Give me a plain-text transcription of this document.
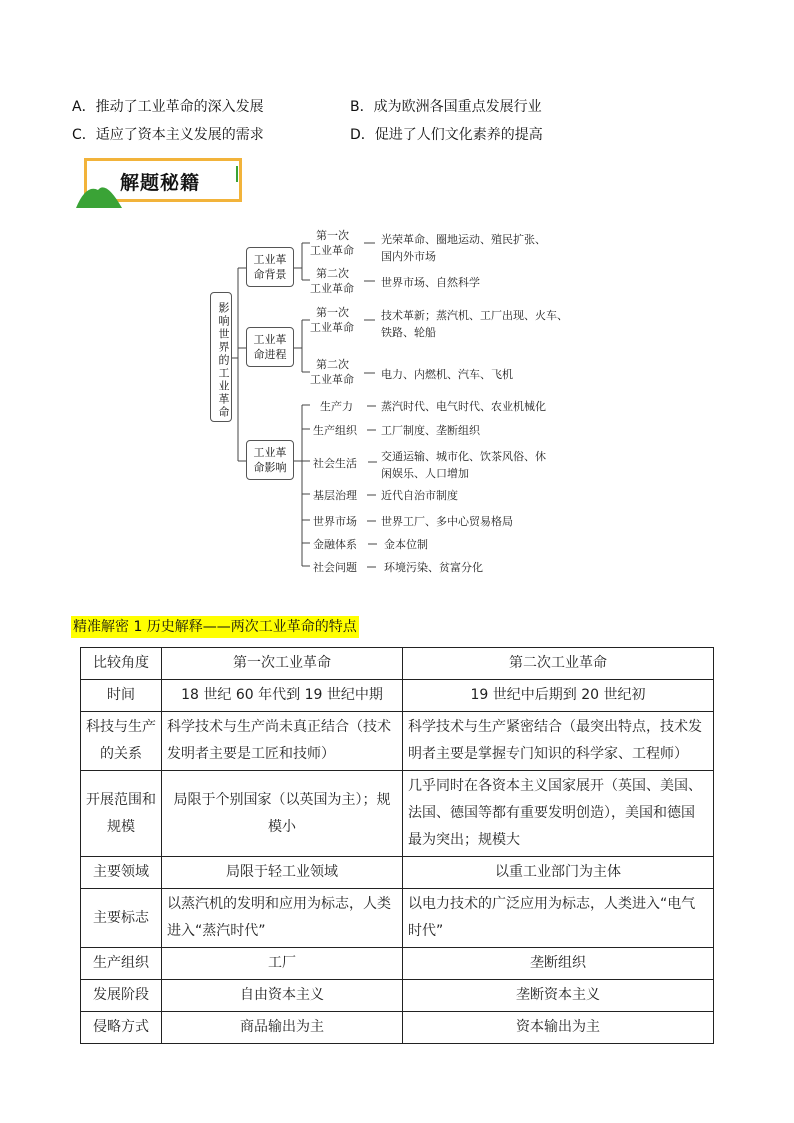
A．推动了工业革命的深入发展	B．成为欧洲各国重点发展行业
C．适应了资本主义发展的需求	D．促进了人们文化素养的提高
解题秘籍
影响世界的工业革命
工业革
命背景
工业革
命进程
工业革
命影响
第一次
工业革命
光荣革命、圈地运动、殖民扩张、
国内外市场
第二次
工业革命 世界市场、自然科学
第一次
工业革命
技术革新；蒸汽机、工厂出现、火车、
铁路、轮船
第二次
工业革命 电力、内燃机、汽车、飞机
生产力	蒸汽时代、电气时代、农业机械化
生产组织 工厂制度、垄断组织
社会生活
交通运输、城市化、饮茶风俗、休
闲娱乐、人口增加
基层治理 近代自治市制度
世界市场 世界工厂、多中心贸易格局
金融体系 金本位制
社会问题 环境污染、贫富分化
精准解密 1 历史解释——两次工业革命的特点
比较角度	第一次工业革命	第二次工业革命
时间	18 世纪 60 年代到 19 世纪中期	19 世纪中后期到 20 世纪初
科技与生产的关系	科学技术与生产尚未真正结合（技术发明者主要是工匠和技师）	科学技术与生产紧密结合（最突出特点，技术发明者主要是掌握专门知识的科学家、工程师）
开展范围和规模	局限于个别国家（以英国为主）；规模小	几乎同时在各资本主义国家展开（英国、美国、法国、德国等都有重要发明创造），美国和德国最为突出；规模大
主要领域	局限于轻工业领域	以重工业部门为主体
主要标志	以蒸汽机的发明和应用为标志，人类进入“蒸汽时代”	以电力技术的广泛应用为标志，人类进入“电气时代”
生产组织	工厂	垄断组织
发展阶段	自由资本主义	垄断资本主义
侵略方式	商品输出为主	资本输出为主
